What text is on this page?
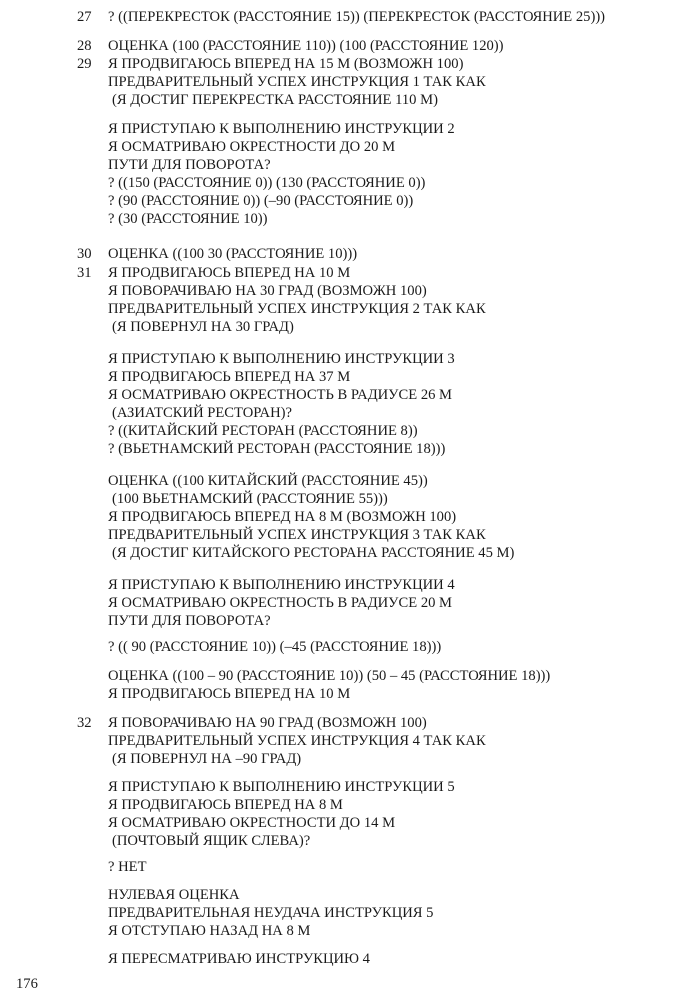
27 ? ((ПЕРЕКРЕСТОК (РАССТОЯНИЕ 15)) (ПЕРЕКРЕСТОК (РАССТОЯНИЕ 25)))
28 ОЦЕНКА (100 (РАССТОЯНИЕ 110)) (100 (РАССТОЯНИЕ 120))
29 Я ПРОДВИГАЮСЬ ВПЕРЕД НА 15 М (ВОЗМОЖН 100)
ПРЕДВАРИТЕЛЬНЫЙ УСПЕХ ИНСТРУКЦИЯ 1 ТАК КАК
(Я ДОСТИГ ПЕРЕКРЕСТКА РАССТОЯНИЕ 110 М)
Я ПРИСТУПАЮ К ВЫПОЛНЕНИЮ ИНСТРУКЦИИ 2
Я ОСМАТРИВАЮ ОКРЕСТНОСТИ ДО 20 М
ПУТИ ДЛЯ ПОВОРОТА?
? ((150 (РАССТОЯНИЕ 0)) (130 (РАССТОЯНИЕ 0))
? (90 (РАССТОЯНИЕ 0)) (–90 (РАССТОЯНИЕ 0))
? (30 (РАССТОЯНИЕ 10))
30 ОЦЕНКА ((100 30 (РАССТОЯНИЕ 10)))
31 Я ПРОДВИГАЮСЬ ВПЕРЕД НА 10 М
Я ПОВОРАЧИВАЮ НА 30 ГРАД (ВОЗМОЖН 100)
ПРЕДВАРИТЕЛЬНЫЙ УСПЕХ ИНСТРУКЦИЯ 2 ТАК КАК
(Я ПОВЕРНУЛ НА 30 ГРАД)
Я ПРИСТУПАЮ К ВЫПОЛНЕНИЮ ИНСТРУКЦИИ 3
Я ПРОДВИГАЮСЬ ВПЕРЕД НА 37 М
Я ОСМАТРИВАЮ ОКРЕСТНОСТЬ В РАДИУСЕ 26 М
(АЗИАТСКИЙ РЕСТОРАН)?
? ((КИТАЙСКИЙ РЕСТОРАН (РАССТОЯНИЕ 8))
? (ВЬЕТНАМСКИЙ РЕСТОРАН (РАССТОЯНИЕ 18)))
ОЦЕНКА ((100 КИТАЙСКИЙ (РАССТОЯНИЕ 45))
(100 ВЬЕТНАМСКИЙ (РАССТОЯНИЕ 55)))
Я ПРОДВИГАЮСЬ ВПЕРЕД НА 8 М (ВОЗМОЖН 100)
ПРЕДВАРИТЕЛЬНЫЙ УСПЕХ ИНСТРУКЦИЯ 3 ТАК КАК
(Я ДОСТИГ КИТАЙСКОГО РЕСТОРАНА РАССТОЯНИЕ 45 М)
Я ПРИСТУПАЮ К ВЫПОЛНЕНИЮ ИНСТРУКЦИИ 4
Я ОСМАТРИВАЮ ОКРЕСТНОСТЬ В РАДИУСЕ 20 М
ПУТИ ДЛЯ ПОВОРОТА?
? (( 90 (РАССТОЯНИЕ 10)) (–45 (РАССТОЯНИЕ 18)))
ОЦЕНКА ((100 – 90 (РАССТОЯНИЕ 10)) (50 – 45 (РАССТОЯНИЕ 18)))
Я ПРОДВИГАЮСЬ ВПЕРЕД НА 10 М
32 Я ПОВОРАЧИВАЮ НА 90 ГРАД (ВОЗМОЖН 100)
ПРЕДВАРИТЕЛЬНЫЙ УСПЕХ ИНСТРУКЦИЯ 4 ТАК КАК
(Я ПОВЕРНУЛ НА –90 ГРАД)
Я ПРИСТУПАЮ К ВЫПОЛНЕНИЮ ИНСТРУКЦИИ 5
Я ПРОДВИГАЮСЬ ВПЕРЕД НА 8 М
Я ОСМАТРИВАЮ ОКРЕСТНОСТИ ДО 14 М
(ПОЧТОВЫЙ ЯЩИК СЛЕВА)?
? НЕТ
НУЛЕВАЯ ОЦЕНКА
ПРЕДВАРИТЕЛЬНАЯ НЕУДАЧА ИНСТРУКЦИЯ 5
Я ОТСТУПАЮ НАЗАД НА 8 М
Я ПЕРЕСМАТРИВАЮ ИНСТРУКЦИЮ 4
176
